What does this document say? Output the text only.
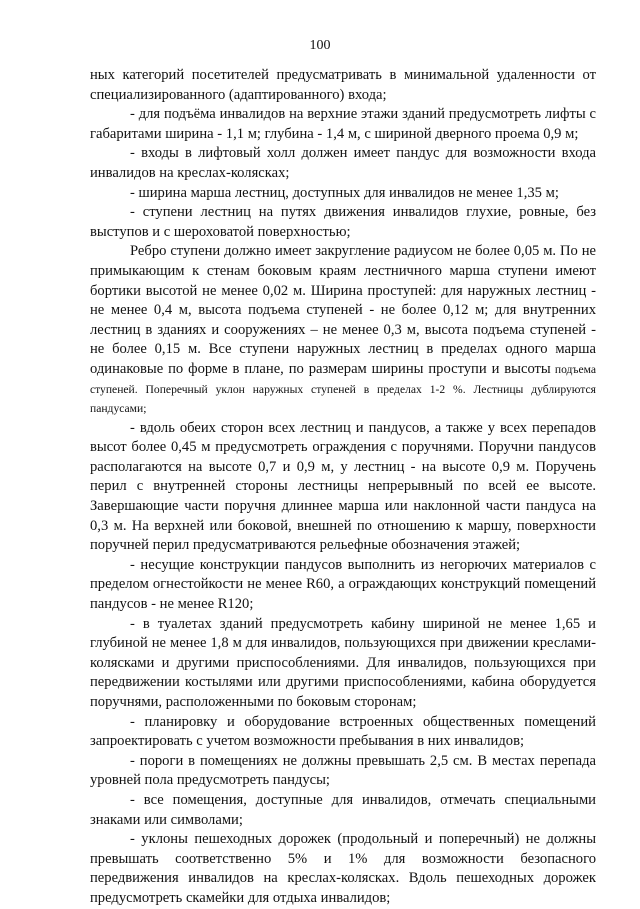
100

ных категорий посетителей предусматривать в минимальной удаленности от специализированного (адаптированного) входа;

- для подъёма инвалидов на верхние этажи зданий предусмотреть лифты с габаритами ширина - 1,1 м; глубина - 1,4 м, с шириной дверного проема 0,9 м;

- входы в лифтовый холл должен имеет пандус для возможности входа инвалидов на креслах-колясках;

- ширина марша лестниц, доступных для инвалидов не менее 1,35 м;

- ступени лестниц на путях движения инвалидов глухие, ровные, без выступов и с шероховатой поверхностью;

Ребро ступени должно имеет закругление радиусом не более 0,05 м. По не примыкающим к стенам боковым краям лестничного марша ступени имеют бортики высотой не менее 0,02 м. Ширина проступей: для наружных лестниц - не менее 0,4 м, высота подъема ступеней - не более 0,12 м; для внутренних лестниц в зданиях и сооружениях – не менее 0,3 м, высота подъема ступеней - не более 0,15 м. Все ступени наружных лестниц в пределах одного марша одинаковые по форме в плане, по размерам ширины проступи и высоты подъема ступеней. Поперечный уклон наружных ступеней в пределах 1-2 %. Лестницы дублируются пандусами;

- вдоль обеих сторон всех лестниц и пандусов, а также у всех перепадов высот более 0,45 м предусмотреть ограждения с поручнями. Поручни пандусов располагаются на высоте 0,7 и 0,9 м, у лестниц - на высоте 0,9 м. Поручень перил с внутренней стороны лестницы непрерывный по всей ее высоте. Завершающие части поручня длиннее марша или наклонной части пандуса на 0,3 м. На верхней или боковой, внешней по отношению к маршу, поверхности поручней перил предусматриваются рельефные обозначения этажей;

- несущие конструкции пандусов выполнить из негорючих материалов с пределом огнестойкости не менее R60, а ограждающих конструкций помещений пандусов - не менее R120;

- в туалетах зданий предусмотреть кабину шириной не менее 1,65 и глубиной не менее 1,8 м для инвалидов, пользующихся при движении креслами-колясками и другими приспособлениями. Для инвалидов, пользующихся при передвижении костылями или другими приспособлениями, кабина оборудуется поручнями, расположенными по боковым сторонам;

- планировку и оборудование встроенных общественных помещений запроектировать с учетом возможности пребывания в них инвалидов;

- пороги в помещениях не должны превышать 2,5 см. В местах перепада уровней пола предусмотреть пандусы;

- все помещения, доступные для инвалидов, отмечать специальными знаками или символами;

- уклоны пешеходных дорожек (продольный и поперечный) не должны превышать соответственно 5% и 1% для возможности безопасного передвижения инвалидов на креслах-колясках. Вдоль пешеходных дорожек предусмотреть скамейки для отдыха инвалидов;
